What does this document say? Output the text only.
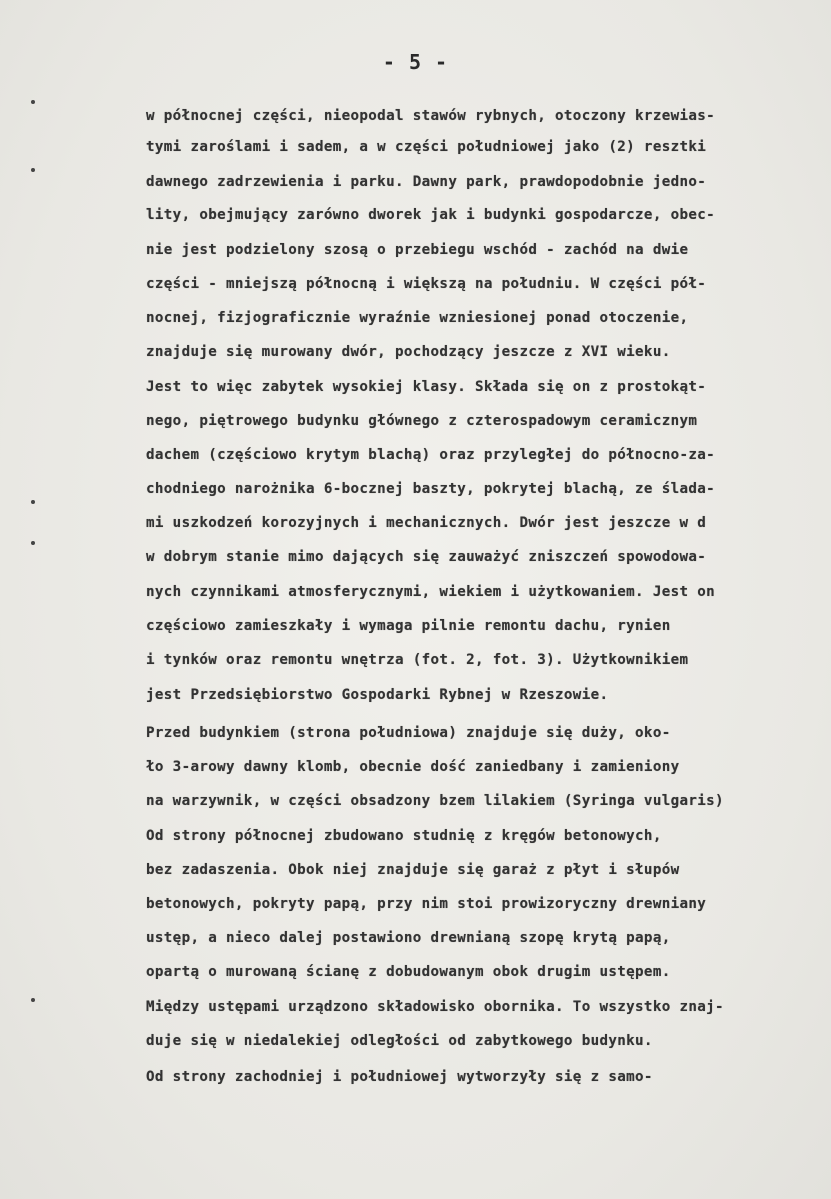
- 5 -
w północnej części, nieopodal stawów rybnych, otoczony krzewias-
tymi zaroślami i sadem, a w części południowej jako (2) resztki
dawnego zadrzewienia i parku. Dawny park, prawdopodobnie jedno-
lity, obejmujący zarówno dworek jak i budynki gospodarcze, obec-
nie jest podzielony szosą o przebiegu wschód - zachód na dwie
części - mniejszą północną i większą na południu. W części pół-
nocnej, fizjograficznie wyraźnie wzniesionej ponad otoczenie,
znajduje się murowany dwór, pochodzący jeszcze z XVI wieku.
Jest to więc zabytek wysokiej klasy. Składa się on z prostokąt-
nego, piętrowego budynku głównego z czterospadowym ceramicznym
dachem (częściowo krytym blachą) oraz przyległej do północno-za-
chodniego narożnika 6-bocznej baszty, pokrytej blachą, ze śladа-
mi uszkodzeń korozyjnych i mechanicznych. Dwór jest jeszcze w d
w dobrym stanie mimo dających się zauważyć zniszczeń spowodowa-
nych czynnikami atmosferycznymi, wiekiem i użytkowaniem. Jest on
częściowo zamieszkały i wymaga pilnie remontu dachu, rynien
i tynków oraz remontu wnętrza (fot. 2, fot. 3). Użytkownikiem
jest Przedsiębiorstwo Gospodarki Rybnej w Rzeszowie.
Przed budynkiem (strona południowa) znajduje się duży, oko-
ło 3-arowy dawny klomb, obecnie dość zaniedbany i zamieniony
na warzywnik, w części obsadzony bzem lilakiem (Syringa vulgaris)
Od strony północnej zbudowano studnię z kręgów betonowych,
bez zadaszenia. Obok niej znajduje się garaż z płyt i słupów
betonowych, pokryty papą, przy nim stoi prowizoryczny drewniany
ustęp, a nieco dalej postawiono drewnianą szopę krytą papą,
opartą o murowaną ścianę z dobudowanym obok drugim ustępem.
Między ustępami urządzono składowisko obornika. To wszystko znaj-
duje się w niedalekiej odległości od zabytkowego budynku.
Od strony zachodniej i południowej wytworzyły się z samo-
